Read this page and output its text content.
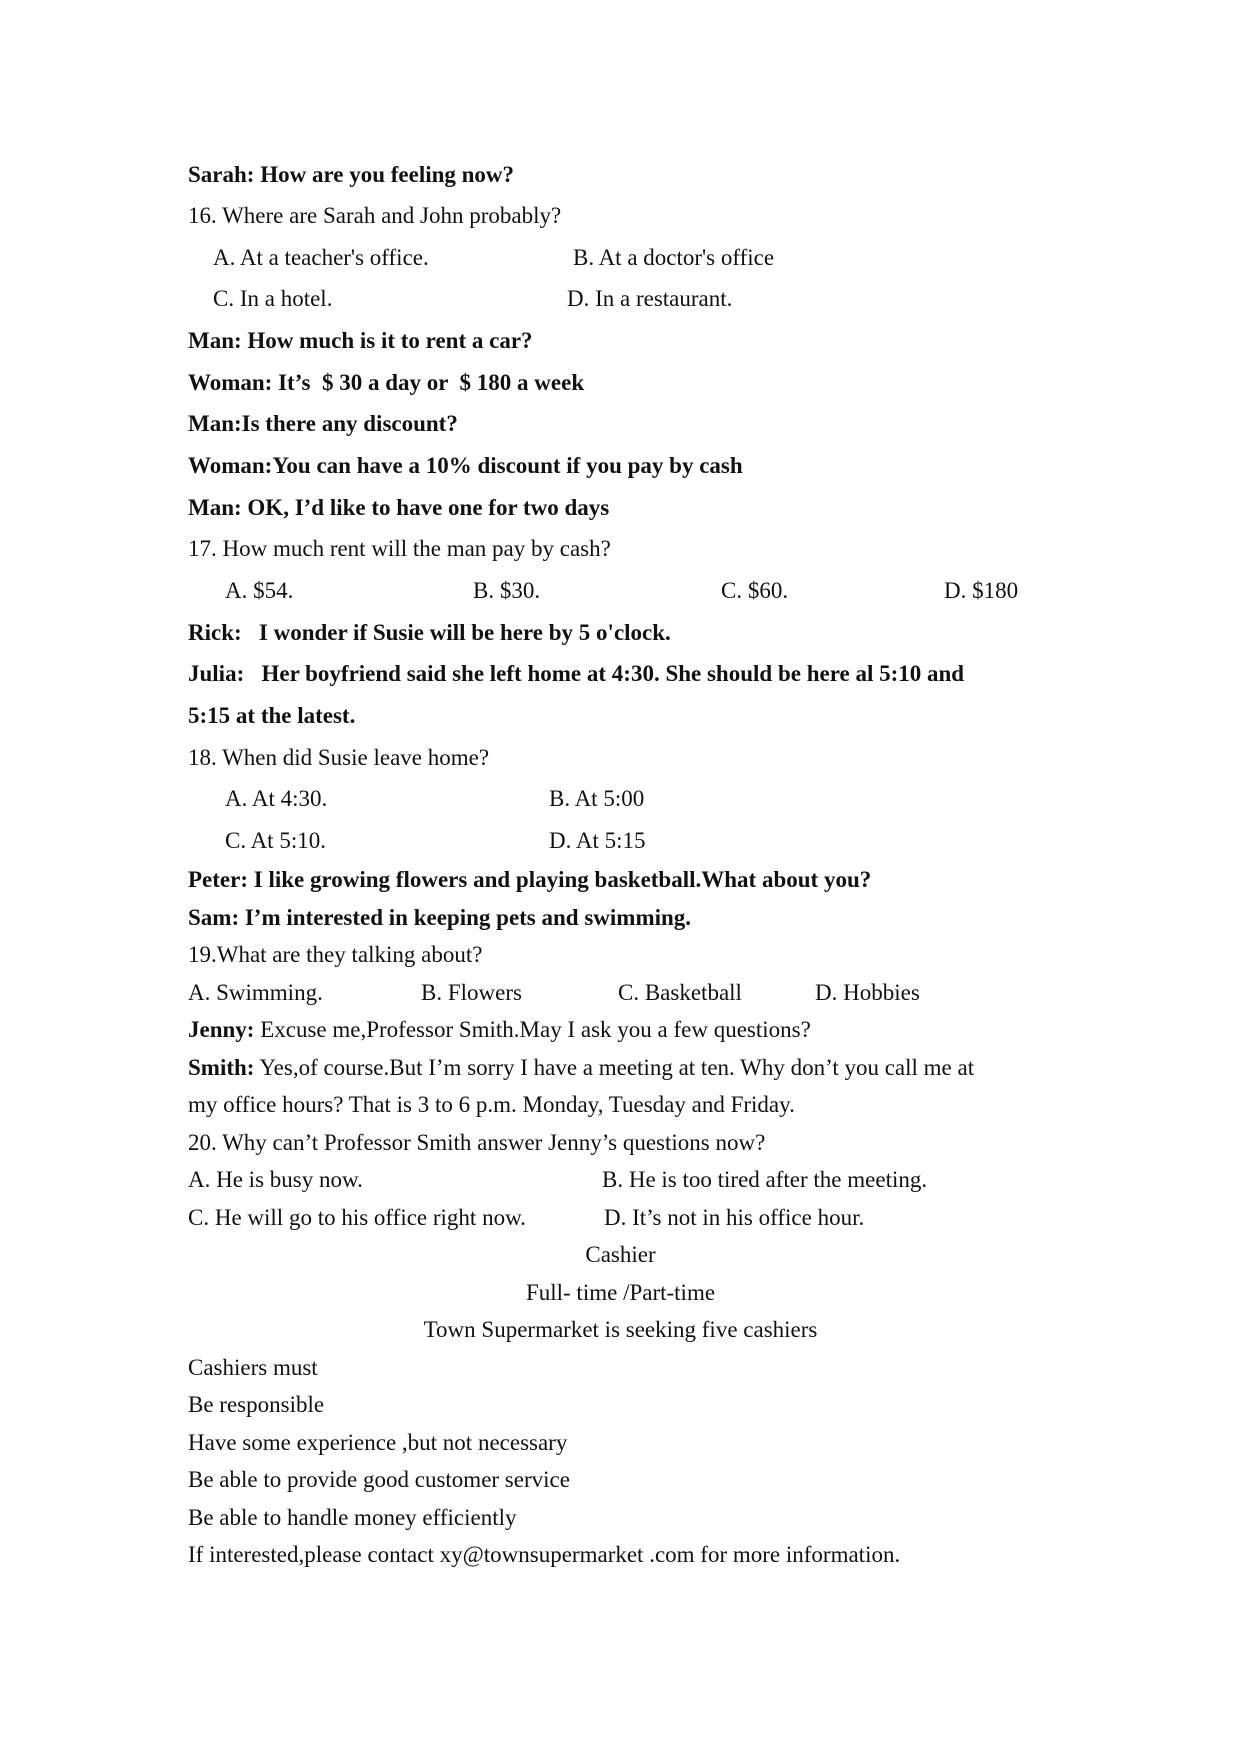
Sarah: How are you feeling now?
16. Where are Sarah and John probably?
A. At a teacher's office.	B. At a doctor's office
C. In a hotel.	D. In a restaurant.
Man: How much is it to rent a car?
Woman: It’s  $ 30 a day or  $ 180 a week
Man:Is there any discount?
Woman:You can have a 10% discount if you pay by cash
Man: OK, I’d like to have one for two days
17. How much rent will the man pay by cash?
A. $54.	B. $30.	C. $60.	D. $180
Rick:   I wonder if Susie will be here by 5 o'clock.
Julia:   Her boyfriend said she left home at 4:30. She should be here al 5:10 and
5:15 at the latest.
18. When did Susie leave home?
A. At 4:30.	B. At 5:00
C. At 5:10.	D. At 5:15
Peter: I like growing flowers and playing basketball.What about you?
Sam: I’m interested in keeping pets and swimming.
19.What are they talking about?
A. Swimming.	B. Flowers	C. Basketball	D. Hobbies
Jenny: Excuse me,Professor Smith.May I ask you a few questions?
Smith: Yes,of course.But I’m sorry I have a meeting at ten. Why don’t you call me at
my office hours? That is 3 to 6 p.m. Monday, Tuesday and Friday.
20. Why can’t Professor Smith answer Jenny’s questions now?
A. He is busy now.	B. He is too tired after the meeting.
C. He will go to his office right now.	D. It’s not in his office hour.
Cashier
Full- time /Part-time
Town Supermarket is seeking five cashiers
Cashiers must
Be responsible
Have some experience ,but not necessary
Be able to provide good customer service
Be able to handle money efficiently
If interested,please contact xy@townsupermarket .com for more information.
